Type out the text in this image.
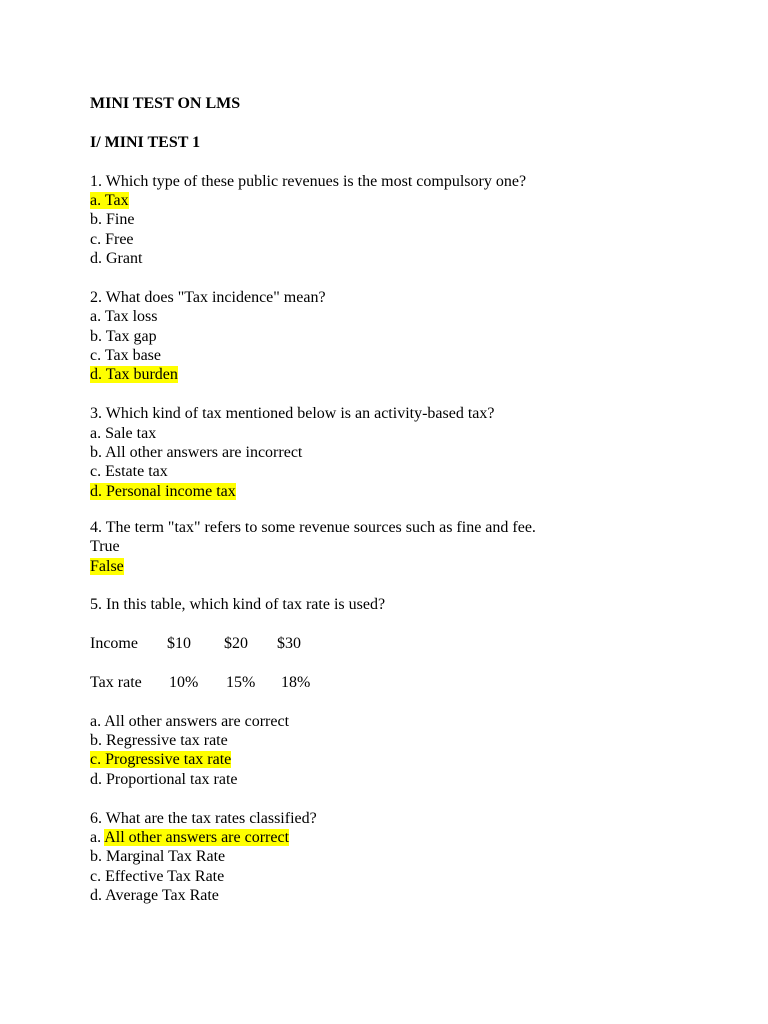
MINI TEST ON LMS
I/ MINI TEST 1
1. Which type of these public revenues is the most compulsory one?
a. Tax
b. Fine
c. Free
d. Grant
2. What does "Tax incidence" mean?
a. Tax loss
b. Tax gap
c. Tax base
d. Tax burden
3. Which kind of tax mentioned below is an activity-based tax?
a. Sale tax
b. All other answers are incorrect
c. Estate tax
d. Personal income tax
4. The term "tax" refers to some revenue sources such as fine and fee.
True
False
5. In this table, which kind of tax rate is used?
Income $10 $20 $30
Tax rate 10% 15% 18%
a. All other answers are correct
b. Regressive tax rate
c. Progressive tax rate
d. Proportional tax rate
6. What are the tax rates classified?
a. All other answers are correct
b. Marginal Tax Rate
c. Effective Tax Rate
d. Average Tax Rate
